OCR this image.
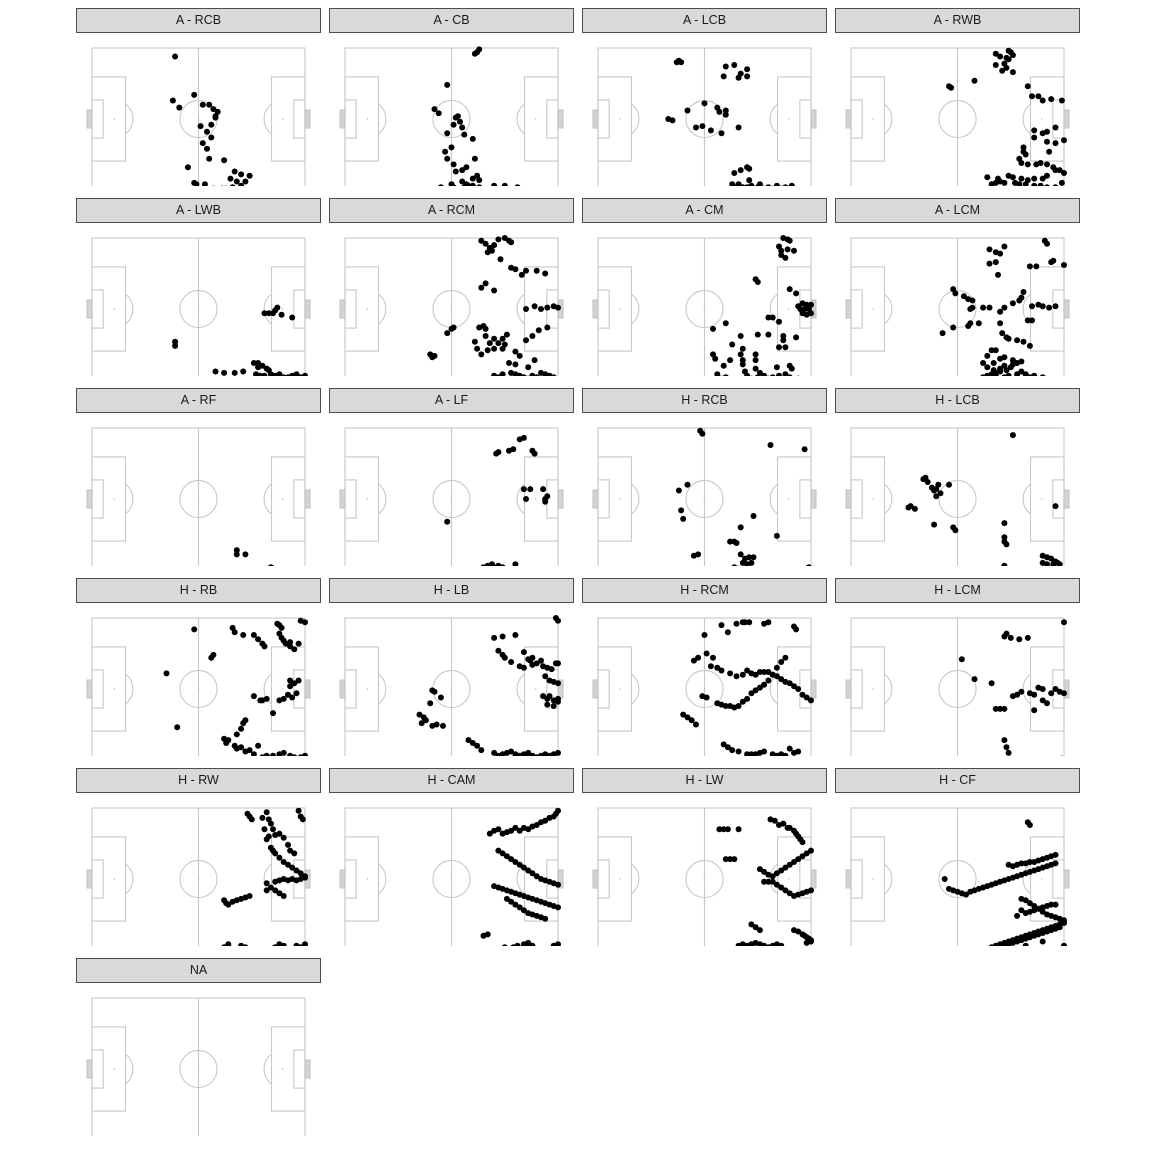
A - RCB	A - CB	A - LCB	A - RWB
A - LWB	A - RCM	A - CM	A - LCM
A - RF	A - LF	H - RCB	H - LCB
H - RB	H - LB	H - RCM	H - LCM
H - RW	H - CAM	H - LW	H - CF
NA
